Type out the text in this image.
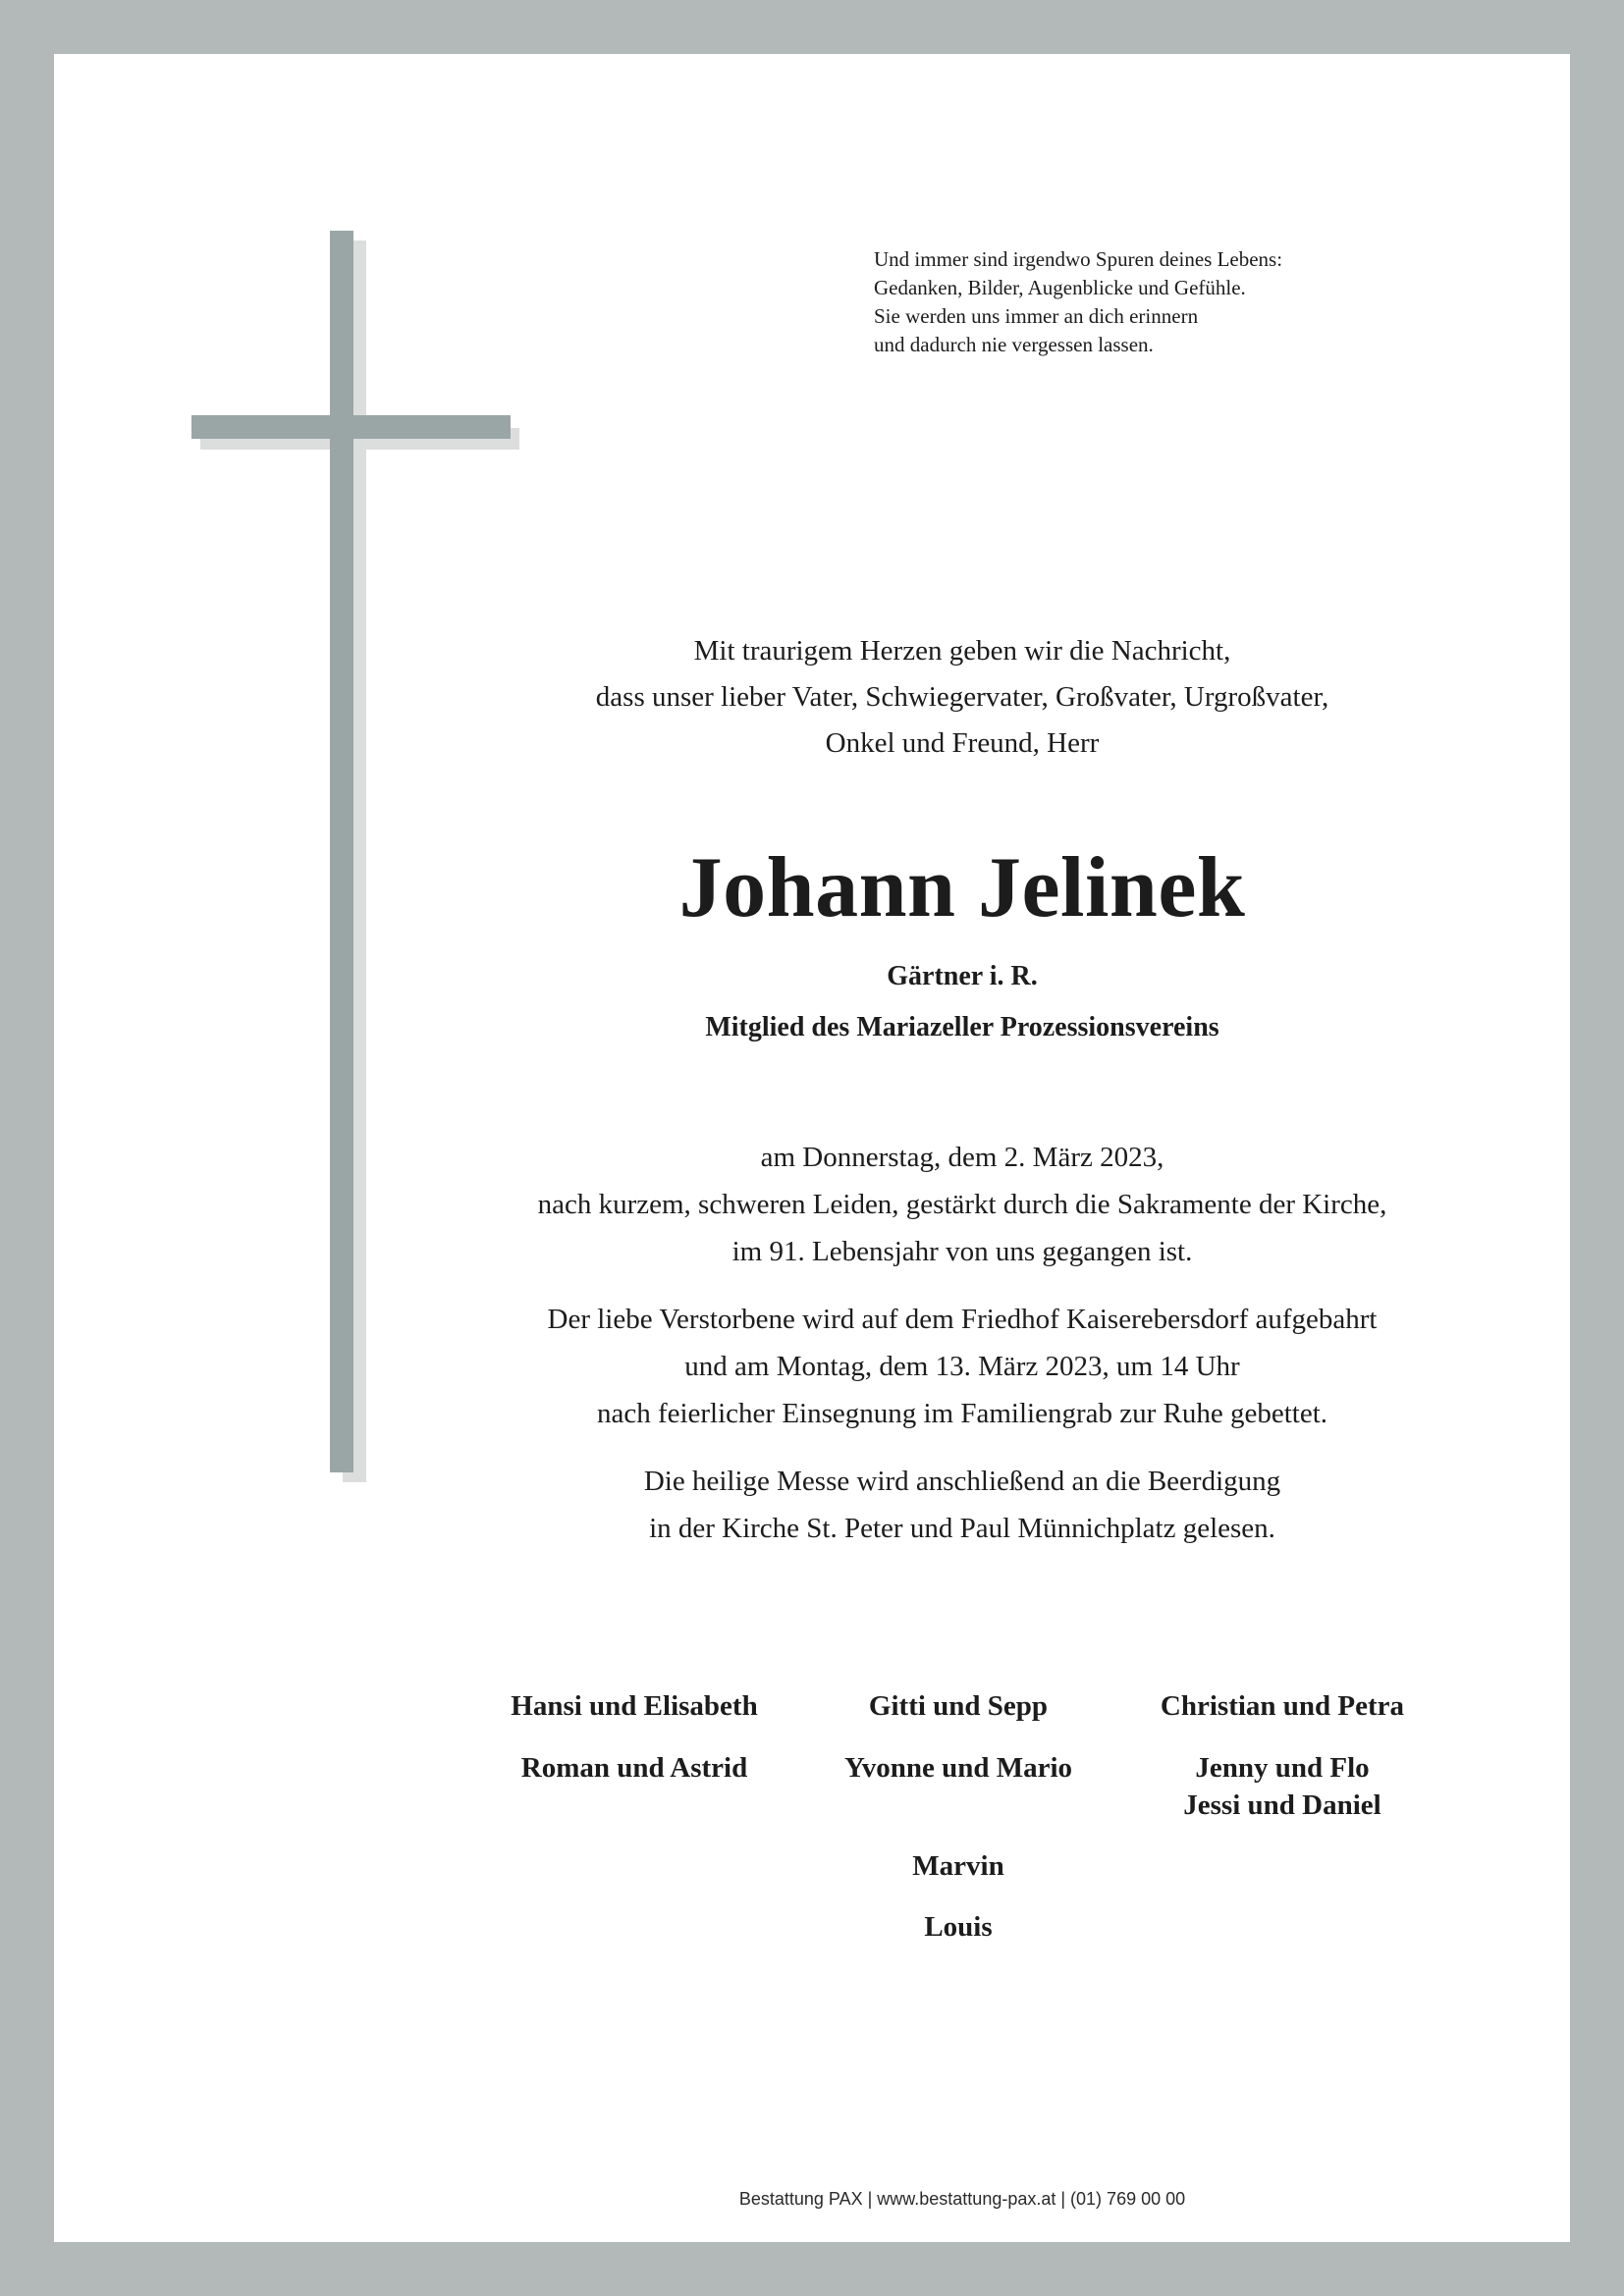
Und immer sind irgendwo Spuren deines Lebens:
Gedanken, Bilder, Augenblicke und Gefühle.
Sie werden uns immer an dich erinnern
und dadurch nie vergessen lassen.
Mit traurigem Herzen geben wir die Nachricht,
dass unser lieber Vater, Schwiegervater, Großvater, Urgroßvater,
Onkel und Freund, Herr
Johann Jelinek
Gärtner i. R.
Mitglied des Mariazeller Prozessionsvereins
am Donnerstag, dem 2. März 2023,
nach kurzem, schweren Leiden, gestärkt durch die Sakramente der Kirche,
im 91. Lebensjahr von uns gegangen ist.
Der liebe Verstorbene wird auf dem Friedhof Kaiserebersdorf aufgebahrt
und am Montag, dem 13. März 2023, um 14 Uhr
nach feierlicher Einsegnung im Familiengrab zur Ruhe gebettet.
Die heilige Messe wird anschließend an die Beerdigung
in der Kirche St. Peter und Paul Münnichplatz gelesen.
Hansi und Elisabeth	Gitti und Sepp	Christian und Petra
Roman und Astrid	Yvonne und Mario	Jenny und Flo
Jessi und Daniel
Marvin
Louis
Bestattung PAX | www.bestattung-pax.at | (01) 769 00 00
